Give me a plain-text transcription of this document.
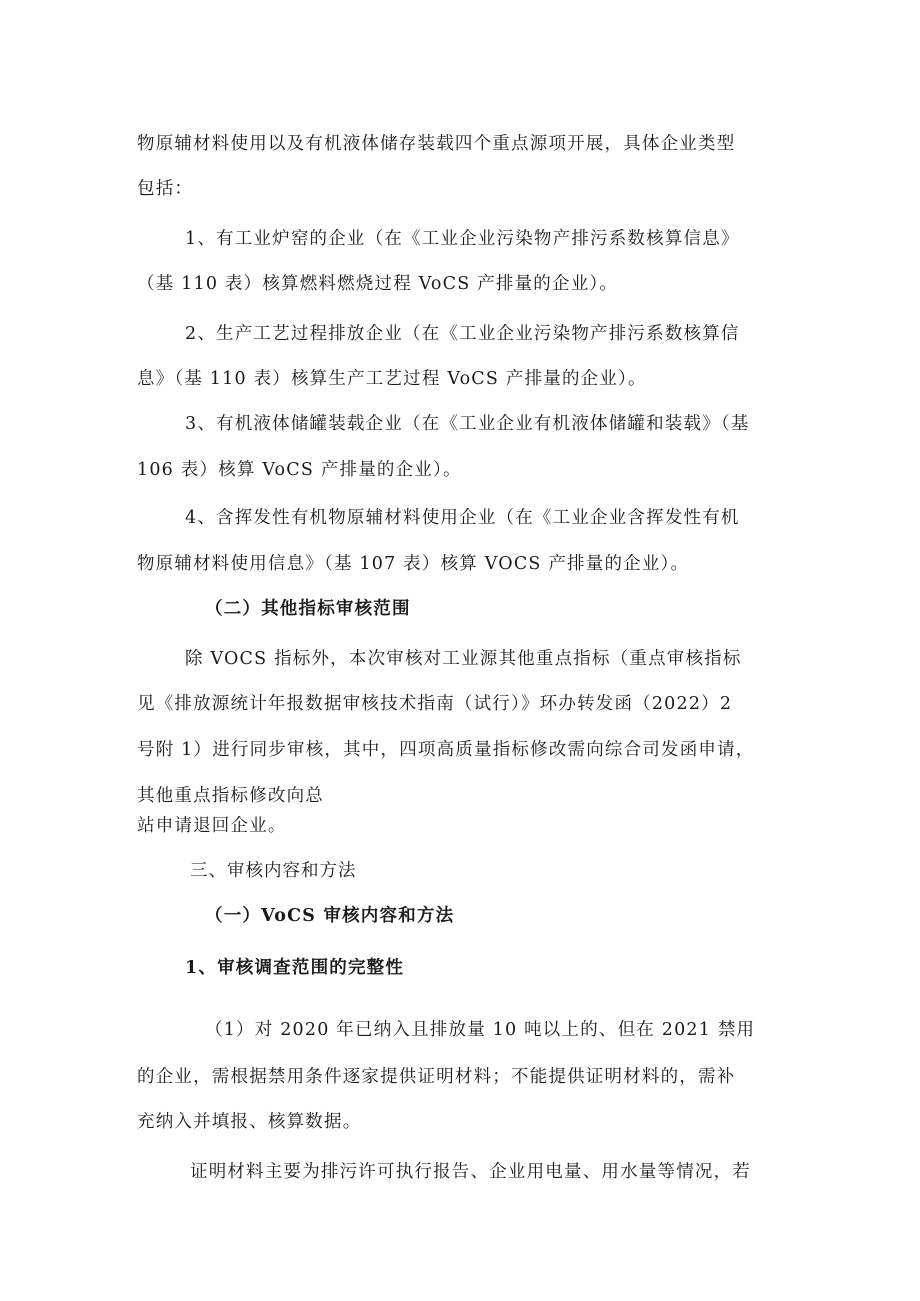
物原辅材料使用以及有机液体储存装载四个重点源项开展，具体企业类型
包括：
1、有工业炉窑的企业（在《工业企业污染物产排污系数核算信息》
（基 110 表）核算燃料燃烧过程 VoCS 产排量的企业）。
2、生产工艺过程排放企业（在《工业企业污染物产排污系数核算信
息》（基 110 表）核算生产工艺过程 VoCS 产排量的企业）。
3、有机液体储罐装载企业（在《工业企业有机液体储罐和装载》（基
106 表）核算 VoCS 产排量的企业）。
4、含挥发性有机物原辅材料使用企业（在《工业企业含挥发性有机
物原辅材料使用信息》（基 107 表）核算 VOCS 产排量的企业）。
（二）其他指标审核范围
除 VOCS 指标外，本次审核对工业源其他重点指标（重点审核指标
见《排放源统计年报数据审核技术指南（试行）》环办转发函（2022）2
号附 1）进行同步审核，其中，四项高质量指标修改需向综合司发函申请，
其他重点指标修改向总
站申请退回企业。
三、审核内容和方法
（一）VoCS 审核内容和方法
1、审核调查范围的完整性
（1）对 2020 年已纳入且排放量 10 吨以上的、但在 2021 禁用
的企业，需根据禁用条件逐家提供证明材料；不能提供证明材料的，需补
充纳入并填报、核算数据。
证明材料主要为排污许可执行报告、企业用电量、用水量等情况，若
